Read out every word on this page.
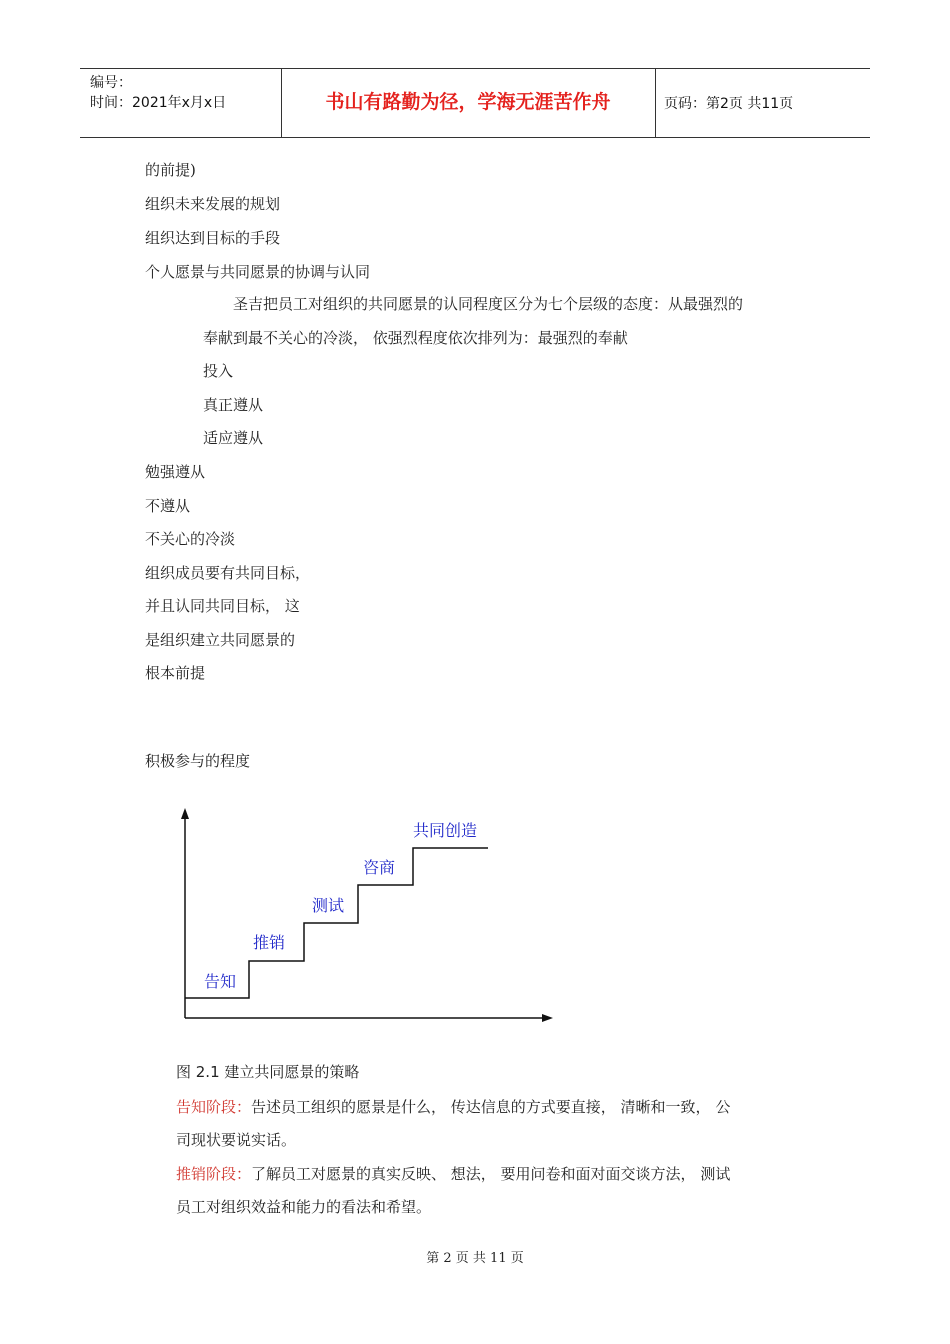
编号：
时间：2021年x月x日	书山有路勤为径，学海无涯苦作舟	页码：第2页 共11页
的前提)
组织未来发展的规划
组织达到目标的手段
个人愿景与共同愿景的协调与认同
圣吉把员工对组织的共同愿景的认同程度区分为七个层级的态度：从最强烈的
奉献到最不关心的冷淡， 依强烈程度依次排列为：最强烈的奉献
投入
真正遵从
适应遵从
勉强遵从
不遵从
不关心的冷淡
组织成员要有共同目标，
并且认同共同目标， 这
是组织建立共同愿景的
根本前提
积极参与的程度
告知
推销
测试
咨商
共同创造
图 2.1 建立共同愿景的策略
告知阶段：告述员工组织的愿景是什么， 传达信息的方式要直接， 清晰和一致， 公
司现状要说实话。
推销阶段：了解员工对愿景的真实反映、 想法， 要用问卷和面对面交谈方法， 测试
员工对组织效益和能力的看法和希望。
第 2 页 共 11 页
